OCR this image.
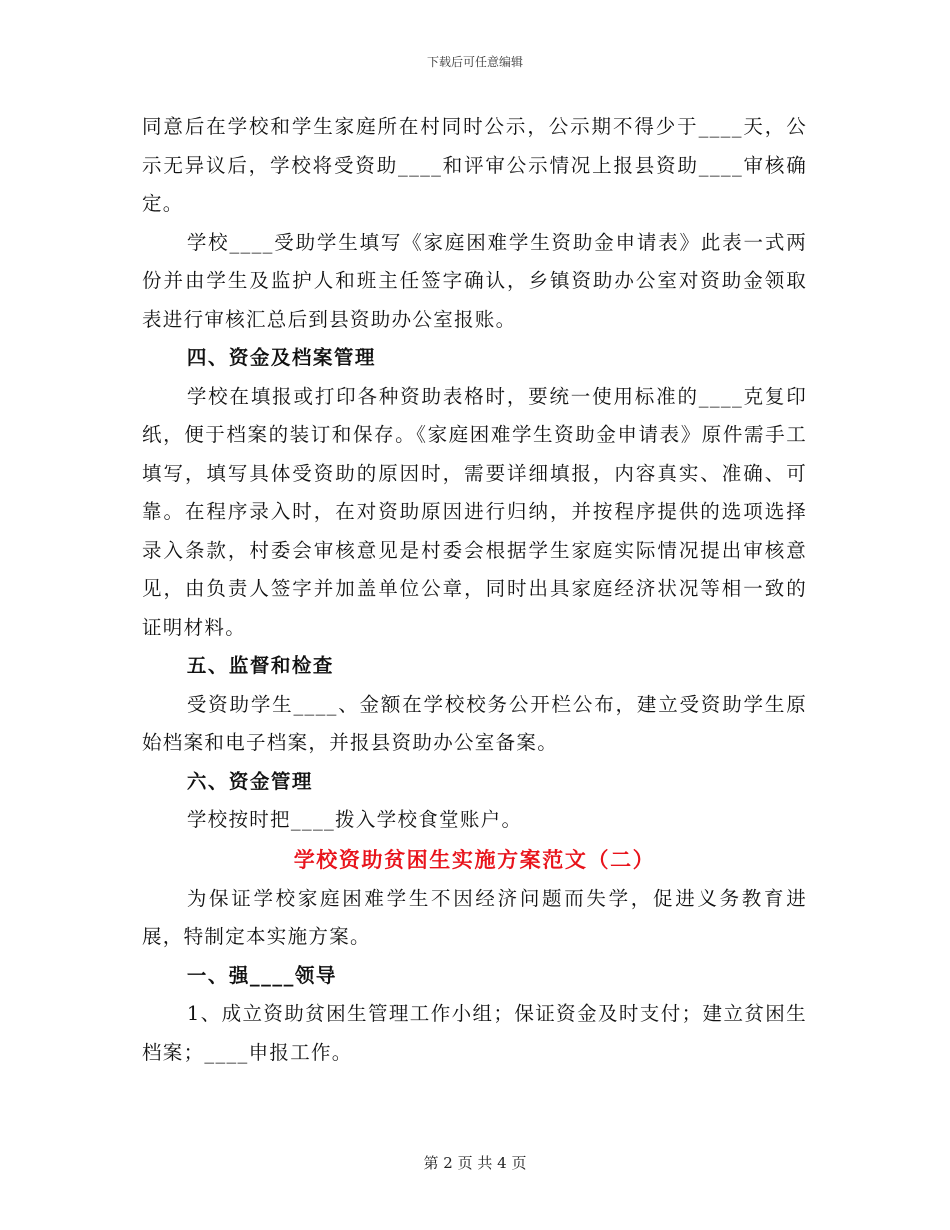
下载后可任意编辑

同意后在学校和学生家庭所在村同时公示，公示期不得少于____天，公示无异议后，学校将受资助____和评审公示情况上报县资助____审核确定。

学校____受助学生填写《家庭困难学生资助金申请表》此表一式两份并由学生及监护人和班主任签字确认，乡镇资助办公室对资助金领取表进行审核汇总后到县资助办公室报账。

四、资金及档案管理

学校在填报或打印各种资助表格时，要统一使用标准的____克复印纸，便于档案的装订和保存。《家庭困难学生资助金申请表》原件需手工填写，填写具体受资助的原因时，需要详细填报，内容真实、准确、可靠。在程序录入时，在对资助原因进行归纳，并按程序提供的选项选择录入条款，村委会审核意见是村委会根据学生家庭实际情况提出审核意见，由负责人签字并加盖单位公章，同时出具家庭经济状况等相一致的证明材料。

五、监督和检查

受资助学生____、金额在学校校务公开栏公布，建立受资助学生原始档案和电子档案，并报县资助办公室备案。

六、资金管理

学校按时把____拨入学校食堂账户。

学校资助贫困生实施方案范文（二）

为保证学校家庭困难学生不因经济问题而失学，促进义务教育进展，特制定本实施方案。

一、强____领导

1、成立资助贫困生管理工作小组；保证资金及时支付；建立贫困生档案；____申报工作。

第 2 页 共 4 页
